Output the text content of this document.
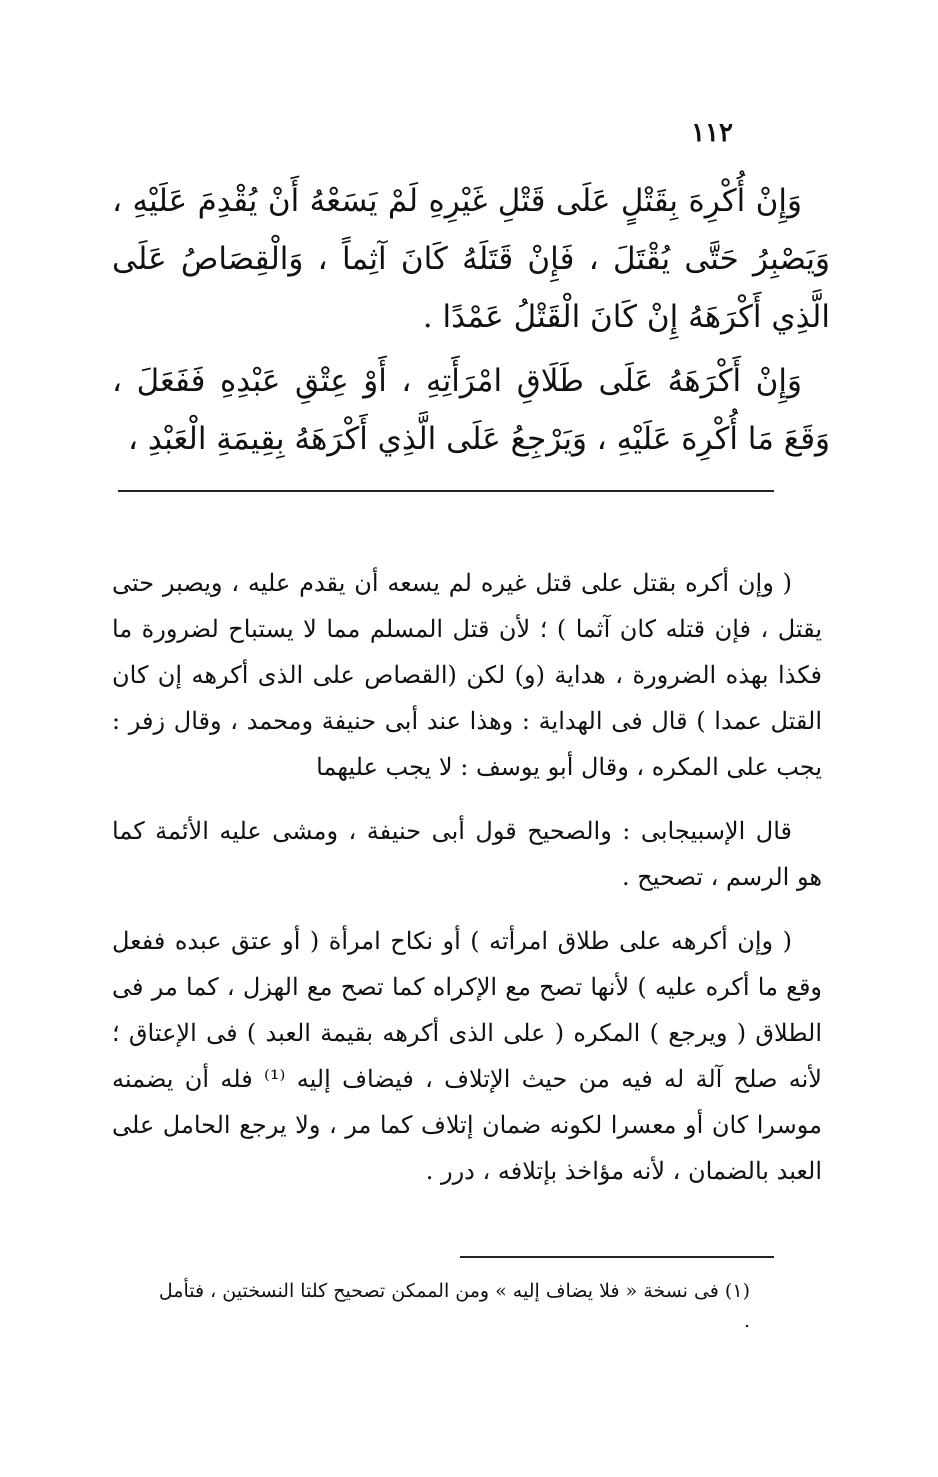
١١٢

وَإِنْ أُكْرِهَ بِقَتْلٍ عَلَى قَتْلِ غَيْرِهِ لَمْ يَسَعْهُ أَنْ يُقْدِمَ عَلَيْهِ ، وَيَصْبِرُ حَتَّى يُقْتَلَ ، فَإِنْ قَتَلَهُ كَانَ آثِماً ، وَالْقِصَاصُ عَلَى الَّذِي أَكْرَهَهُ إِنْ كَانَ الْقَتْلُ عَمْدًا .

وَإِنْ أَكْرَهَهُ عَلَى طَلَاقِ امْرَأَتِهِ ، أَوْ عِتْقِ عَبْدِهِ فَفَعَلَ ، وَقَعَ مَا أُكْرِهَ عَلَيْهِ ، وَيَرْجِعُ عَلَى الَّذِي أَكْرَهَهُ بِقِيمَةِ الْعَبْدِ ،

( وإن أكره بقتل على قتل غيره لم يسعه أن يقدم عليه ، ويصبر حتى يقتل ، فإن قتله كان آثما ) ؛ لأن قتل المسلم مما لا يستباح لضرورة ما فكذا بهذه الضرورة ، هداية (و) لكن (القصاص على الذى أكرهه إن كان القتل عمدا ) قال فى الهداية : وهذا عند أبى حنيفة ومحمد ، وقال زفر : يجب على المكره ، وقال أبو يوسف : لا يجب عليهما

قال الإسبيجابى : والصحيح قول أبى حنيفة ، ومشى عليه الأئمة كما هو الرسم ، تصحيح .

( وإن أكرهه على طلاق امرأته ) أو نكاح امرأة ( أو عتق عبده ففعل وقع ما أكره عليه ) لأنها تصح مع الإكراه كما تصح مع الهزل ، كما مر فى الطلاق ( ويرجع ) المكره ( على الذى أكرهه بقيمة العبد ) فى الإعتاق ؛ لأنه صلح آلة له فيه من حيث الإتلاف ، فيضاف إليه ⁽¹⁾ فله أن يضمنه موسرا كان أو معسرا لكونه ضمان إتلاف كما مر ، ولا يرجع الحامل على العبد بالضمان ، لأنه مؤاخذ بإتلافه ، درر .

(١) فى نسخة « فلا يضاف إليه » ومن الممكن تصحيح كلتا النسختين ، فتأمل .
